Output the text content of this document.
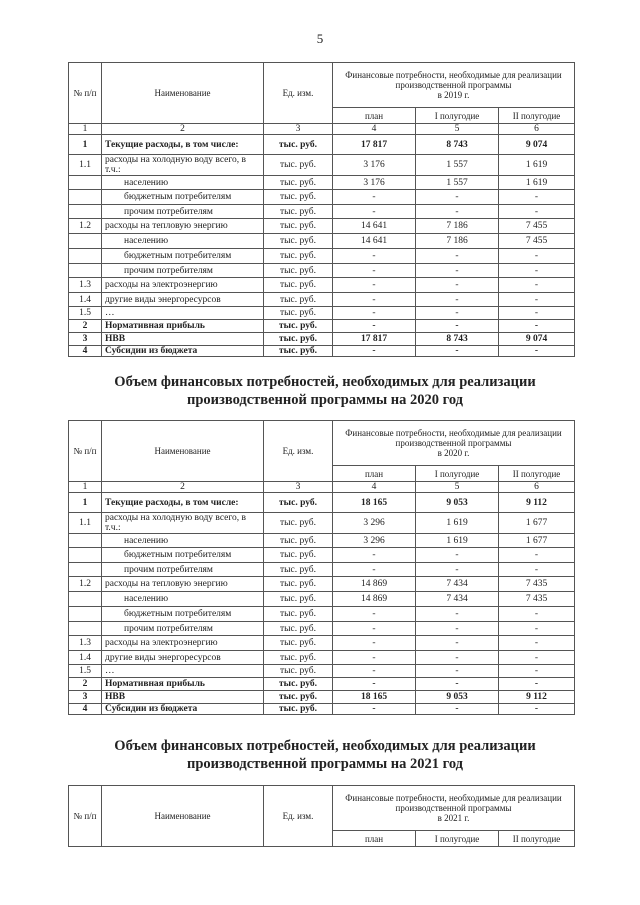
5
Объем финансовых потребностей, необходимых для реализации производственной программы на 2020 год
Объем финансовых потребностей, необходимых для реализации производственной программы на 2021 год
№ п/п	Наименование	Ед. изм.	Финансовые потребности, необходимые для реализации производственной программы
в 2019 г.		
			план	I полугодие	II полугодие
1	2	3	4	5	6
1	Текущие расходы, в том числе:	тыс. руб.	17 817	8 743	9 074
1.1	расходы на холодную воду всего, в т.ч.:	тыс. руб.	3 176	1 557	1 619
	населению	тыс. руб.	3 176	1 557	1 619
	бюджетным потребителям	тыс. руб.	-	-	-
	прочим потребителям	тыс. руб.	-	-	-
1.2	расходы на тепловую энергию	тыс. руб.	14 641	7 186	7 455
	населению	тыс. руб.	14 641	7 186	7 455
	бюджетным потребителям	тыс. руб.	-	-	-
	прочим потребителям	тыс. руб.	-	-	-
1.3	расходы на электроэнергию	тыс. руб.	-	-	-
1.4	другие виды энергоресурсов	тыс. руб.	-	-	-
1.5	…	тыс. руб.	-	-	-
2	Нормативная прибыль	тыс. руб.	-	-	-
3	НВВ	тыс. руб.	17 817	8 743	9 074
4	Субсидии из бюджета	тыс. руб.	-	-	-
№ п/п	Наименование	Ед. изм.	Финансовые потребности, необходимые для реализации производственной программы
в 2020 г.		
			план	I полугодие	II полугодие
1	2	3	4	5	6
1	Текущие расходы, в том числе:	тыс. руб.	18 165	9 053	9 112
1.1	расходы на холодную воду всего, в т.ч.:	тыс. руб.	3 296	1 619	1 677
	населению	тыс. руб.	3 296	1 619	1 677
	бюджетным потребителям	тыс. руб.	-	-	-
	прочим потребителям	тыс. руб.	-	-	-
1.2	расходы на тепловую энергию	тыс. руб.	14 869	7 434	7 435
	населению	тыс. руб.	14 869	7 434	7 435
	бюджетным потребителям	тыс. руб.	-	-	-
	прочим потребителям	тыс. руб.	-	-	-
1.3	расходы на электроэнергию	тыс. руб.	-	-	-
1.4	другие виды энергоресурсов	тыс. руб.	-	-	-
1.5	…	тыс. руб.	-	-	-
2	Нормативная прибыль	тыс. руб.	-	-	-
3	НВВ	тыс. руб.	18 165	9 053	9 112
4	Субсидии из бюджета	тыс. руб.	-	-	-
№ п/п	Наименование	Ед. изм.	Финансовые потребности, необходимые для реализации производственной программы
в 2021 г.		
			план	I полугодие	II полугодие
